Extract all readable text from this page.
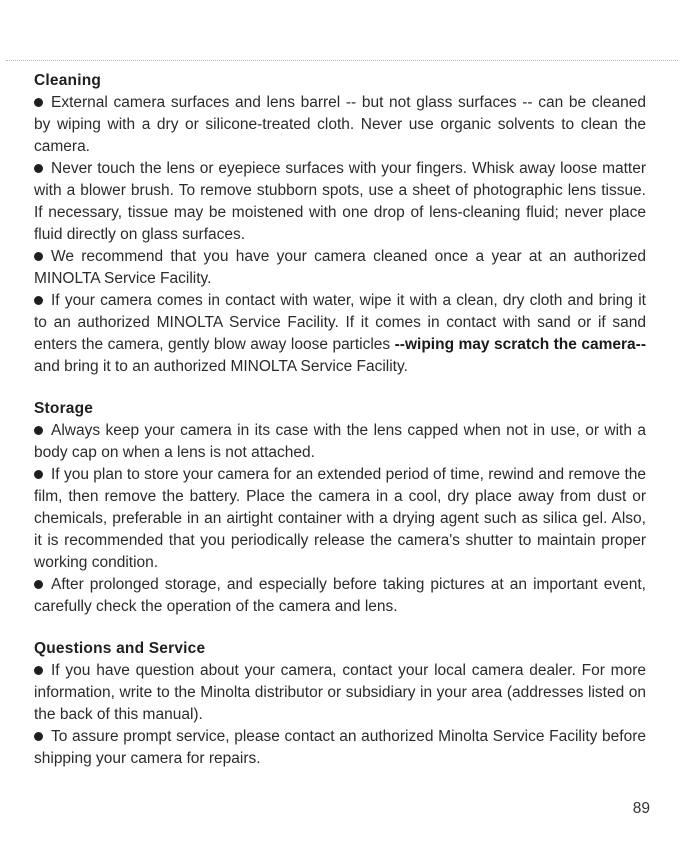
Cleaning
External camera surfaces and lens barrel -- but not glass surfaces -- can be cleaned by wiping with a dry or silicone-treated cloth. Never use organic solvents to clean the camera.
Never touch the lens or eyepiece surfaces with your fingers. Whisk away loose matter with a blower brush. To remove stubborn spots, use a sheet of photographic lens tissue. If necessary, tissue may be moistened with one drop of lens-cleaning fluid; never place fluid directly on glass surfaces.
We recommend that you have your camera cleaned once a year at an authorized MINOLTA Service Facility.
If your camera comes in contact with water, wipe it with a clean, dry cloth and bring it to an authorized MINOLTA Service Facility. If it comes in contact with sand or if sand enters the camera, gently blow away loose particles --wiping may scratch the camera-- and bring it to an authorized MINOLTA Service Facility.
Storage
Always keep your camera in its case with the lens capped when not in use, or with a body cap on when a lens is not attached.
If you plan to store your camera for an extended period of time, rewind and remove the film, then remove the battery. Place the camera in a cool, dry place away from dust or chemicals, preferable in an airtight container with a drying agent such as silica gel. Also, it is recommended that you periodically release the camera's shutter to maintain proper working condition.
After prolonged storage, and especially before taking pictures at an important event, carefully check the operation of the camera and lens.
Questions and Service
If you have question about your camera, contact your local camera dealer. For more information, write to the Minolta distributor or subsidiary in your area (addresses listed on the back of this manual).
To assure prompt service, please contact an authorized Minolta Service Facility before shipping your camera for repairs.
89
